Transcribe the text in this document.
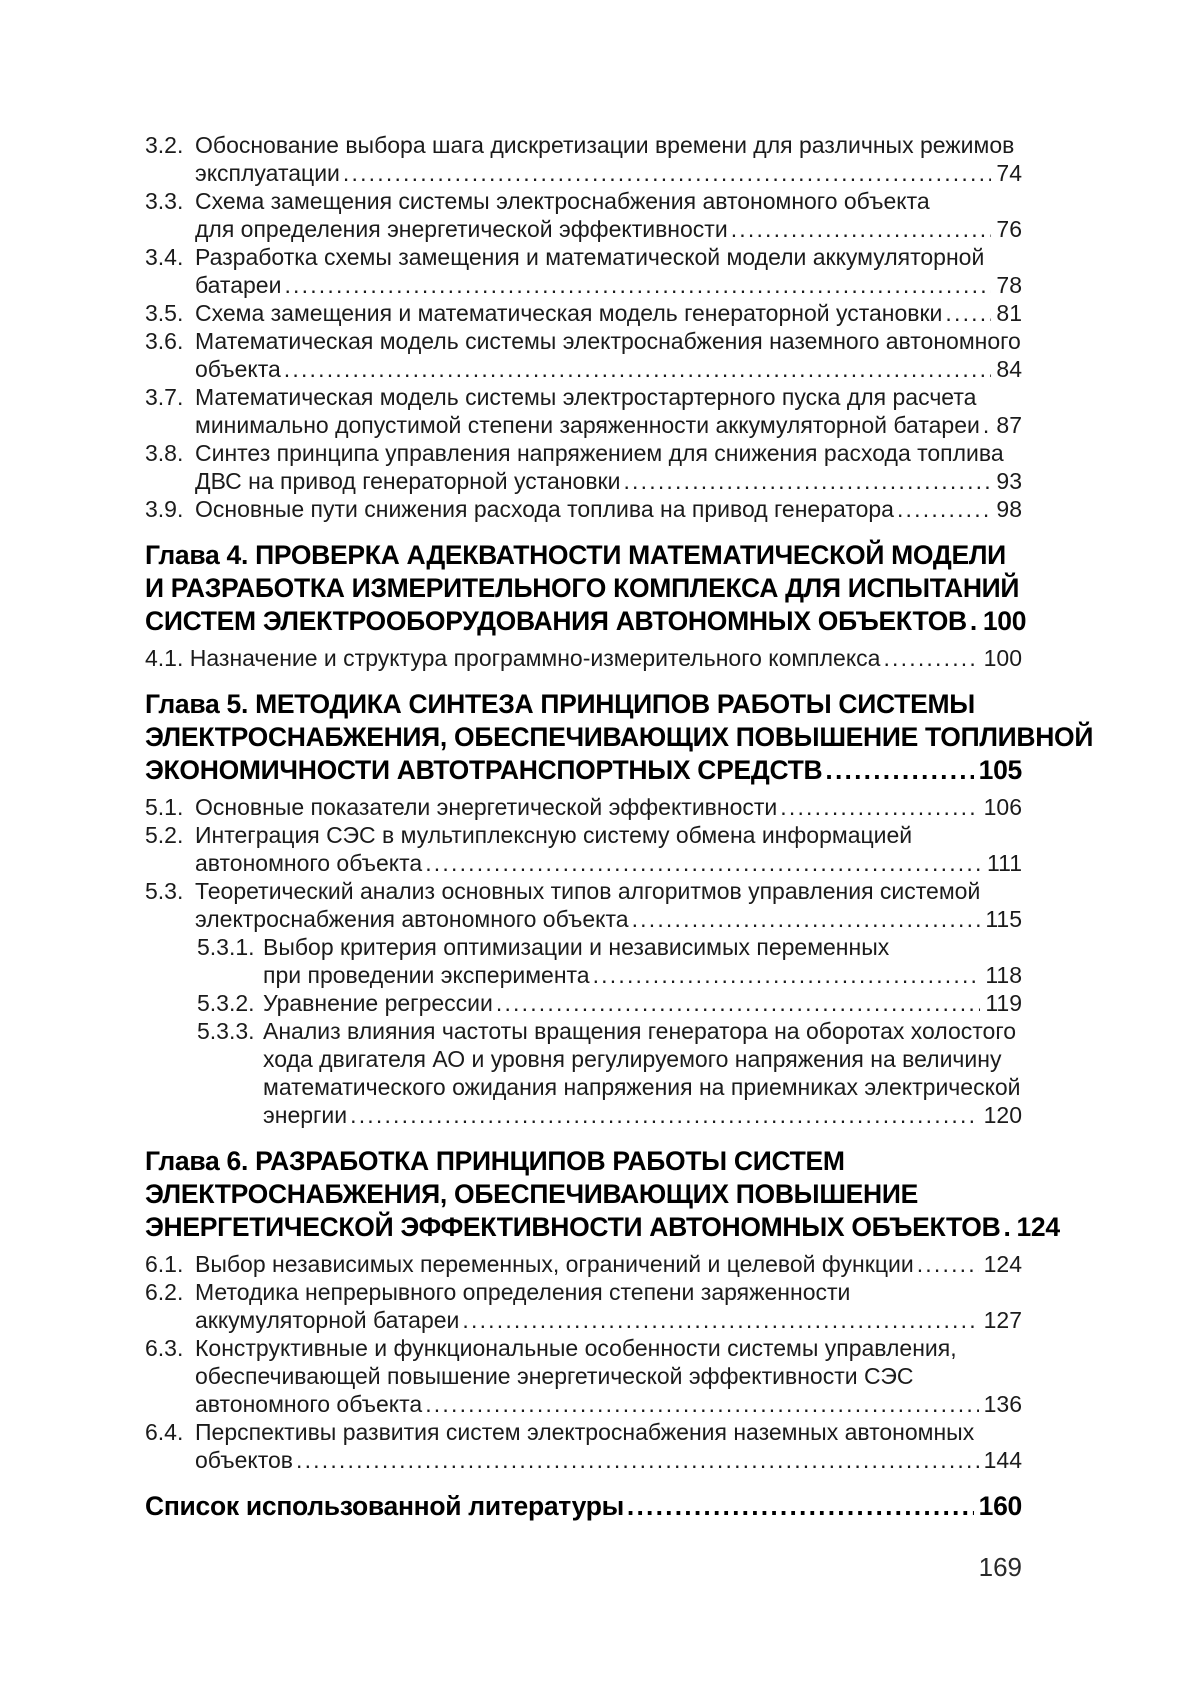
3.2. Обоснование выбора шага дискретизации времени для различных режимов
эксплуатации .....	74
3.3. Схема замещения системы электроснабжения автономного объекта
для определения энергетической эффективности .....	76
3.4. Разработка схемы замещения и математической модели аккумуляторной
батареи .....	78
3.5. Схема замещения и математическая модель генераторной установки ..... 81
3.6. Математическая модель системы электроснабжения наземного автономного
объекта .....	84
3.7. Математическая модель системы электростартерного пуска для расчета
минимально допустимой степени заряженности аккумуляторной батареи ..... 87
3.8. Синтез принципа управления напряжением для снижения расхода топлива
ДВС на привод генераторной установки .....	93
3.9. Основные пути снижения расхода топлива на привод генератора .....	98
Глава 4. ПРОВЕРКА АДЕКВАТНОСТИ МАТЕМАТИЧЕСКОЙ МОДЕЛИ
И РАЗРАБОТКА ИЗМЕРИТЕЛЬНОГО КОМПЛЕКСА ДЛЯ ИСПЫТАНИЙ
СИСТЕМ ЭЛЕКТРООБОРУДОВАНИЯ АВТОНОМНЫХ ОБЪЕКТОВ ..... 100
4.1. Назначение и структура программно-измерительного комплекса .....	100
Глава 5. МЕТОДИКА СИНТЕЗА ПРИНЦИПОВ РАБОТЫ СИСТЕМЫ
ЭЛЕКТРОСНАБЖЕНИЯ, ОБЕСПЕЧИВАЮЩИХ ПОВЫШЕНИЕ ТОПЛИВНОЙ
ЭКОНОМИЧНОСТИ АВТОТРАНСПОРТНЫХ СРЕДСТВ .....	105
5.1. Основные показатели энергетической эффективности .....	106
5.2. Интеграция СЭС в мультиплексную систему обмена информацией
автономного объекта .....	111
5.3. Теоретический анализ основных типов алгоритмов управления системой
электроснабжения автономного объекта .....	115
5.3.1. Выбор критерия оптимизации и независимых переменных
при проведении эксперимента .....	118
5.3.2. Уравнение регрессии .....	119
5.3.3. Анализ влияния частоты вращения генератора на оборотах холостого
хода двигателя АО и уровня регулируемого напряжения на величину
математического ожидания напряжения на приемниках электрической
энергии .....	120
Глава 6. РАЗРАБОТКА ПРИНЦИПОВ РАБОТЫ СИСТЕМ
ЭЛЕКТРОСНАБЖЕНИЯ, ОБЕСПЕЧИВАЮЩИХ ПОВЫШЕНИЕ
ЭНЕРГЕТИЧЕСКОЙ ЭФФЕКТИВНОСТИ АВТОНОМНЫХ ОБЪЕКТОВ ..... 124
6.1. Выбор независимых переменных, ограничений и целевой функции .....	124
6.2. Методика непрерывного определения степени заряженности
аккумуляторной батареи .....	127
6.3. Конструктивные и функциональные особенности системы управления,
обеспечивающей повышение энергетической эффективности СЭС
автономного объекта .....	136
6.4. Перспективы развития систем электроснабжения наземных автономных
объектов .....	144
Список использованной литературы .....	160
169
